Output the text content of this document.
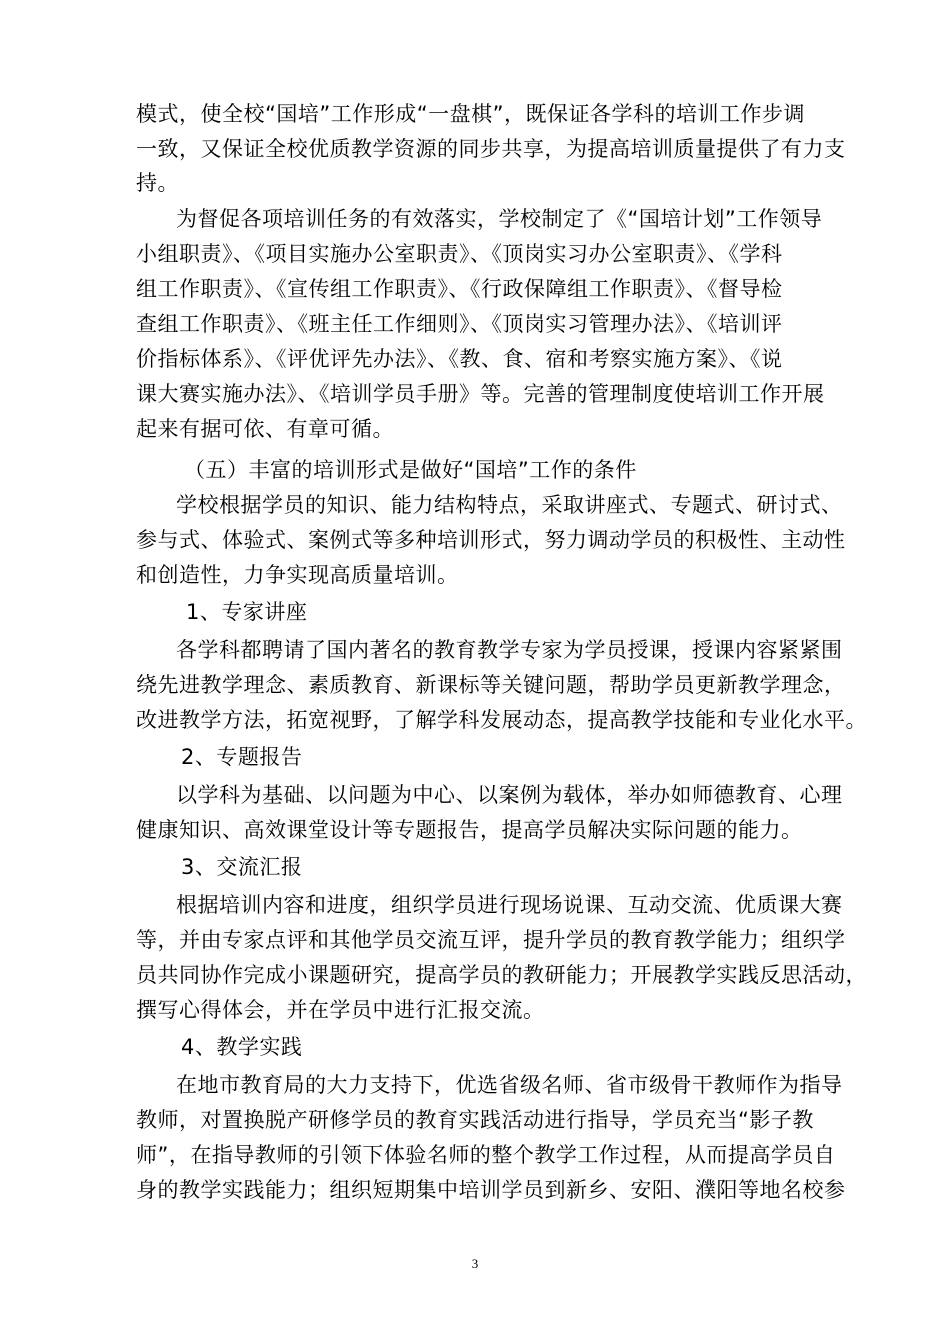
模式，使全校“国培”工作形成“一盘棋”，既保证各学科的培训工作步调
一致，又保证全校优质教学资源的同步共享，为提高培训质量提供了有力支
持。
为督促各项培训任务的有效落实，学校制定了《“国培计划”工作领导
小组职责》、《项目实施办公室职责》、《顶岗实习办公室职责》、《学科
组工作职责》、《宣传组工作职责》、《行政保障组工作职责》、《督导检
查组工作职责》、《班主任工作细则》、《顶岗实习管理办法》、《培训评
价指标体系》、《评优评先办法》、《教、食、宿和考察实施方案》、《说
课大赛实施办法》、《培训学员手册》等。完善的管理制度使培训工作开展
起来有据可依、有章可循。
（五）丰富的培训形式是做好“国培”工作的条件
学校根据学员的知识、能力结构特点，采取讲座式、专题式、研讨式、
参与式、体验式、案例式等多种培训形式，努力调动学员的积极性、主动性
和创造性，力争实现高质量培训。
1、专家讲座
各学科都聘请了国内著名的教育教学专家为学员授课，授课内容紧紧围
绕先进教学理念、素质教育、新课标等关键问题，帮助学员更新教学理念，
改进教学方法，拓宽视野，了解学科发展动态，提高教学技能和专业化水平。
2、专题报告
以学科为基础、以问题为中心、以案例为载体，举办如师德教育、心理
健康知识、高效课堂设计等专题报告，提高学员解决实际问题的能力。
3、交流汇报
根据培训内容和进度，组织学员进行现场说课、互动交流、优质课大赛
等，并由专家点评和其他学员交流互评，提升学员的教育教学能力；组织学
员共同协作完成小课题研究，提高学员的教研能力；开展教学实践反思活动，
撰写心得体会，并在学员中进行汇报交流。
4、教学实践
在地市教育局的大力支持下，优选省级名师、省市级骨干教师作为指导
教师，对置换脱产研修学员的教育实践活动进行指导，学员充当“影子教
师”，在指导教师的引领下体验名师的整个教学工作过程，从而提高学员自
身的教学实践能力；组织短期集中培训学员到新乡、安阳、濮阳等地名校参
3
